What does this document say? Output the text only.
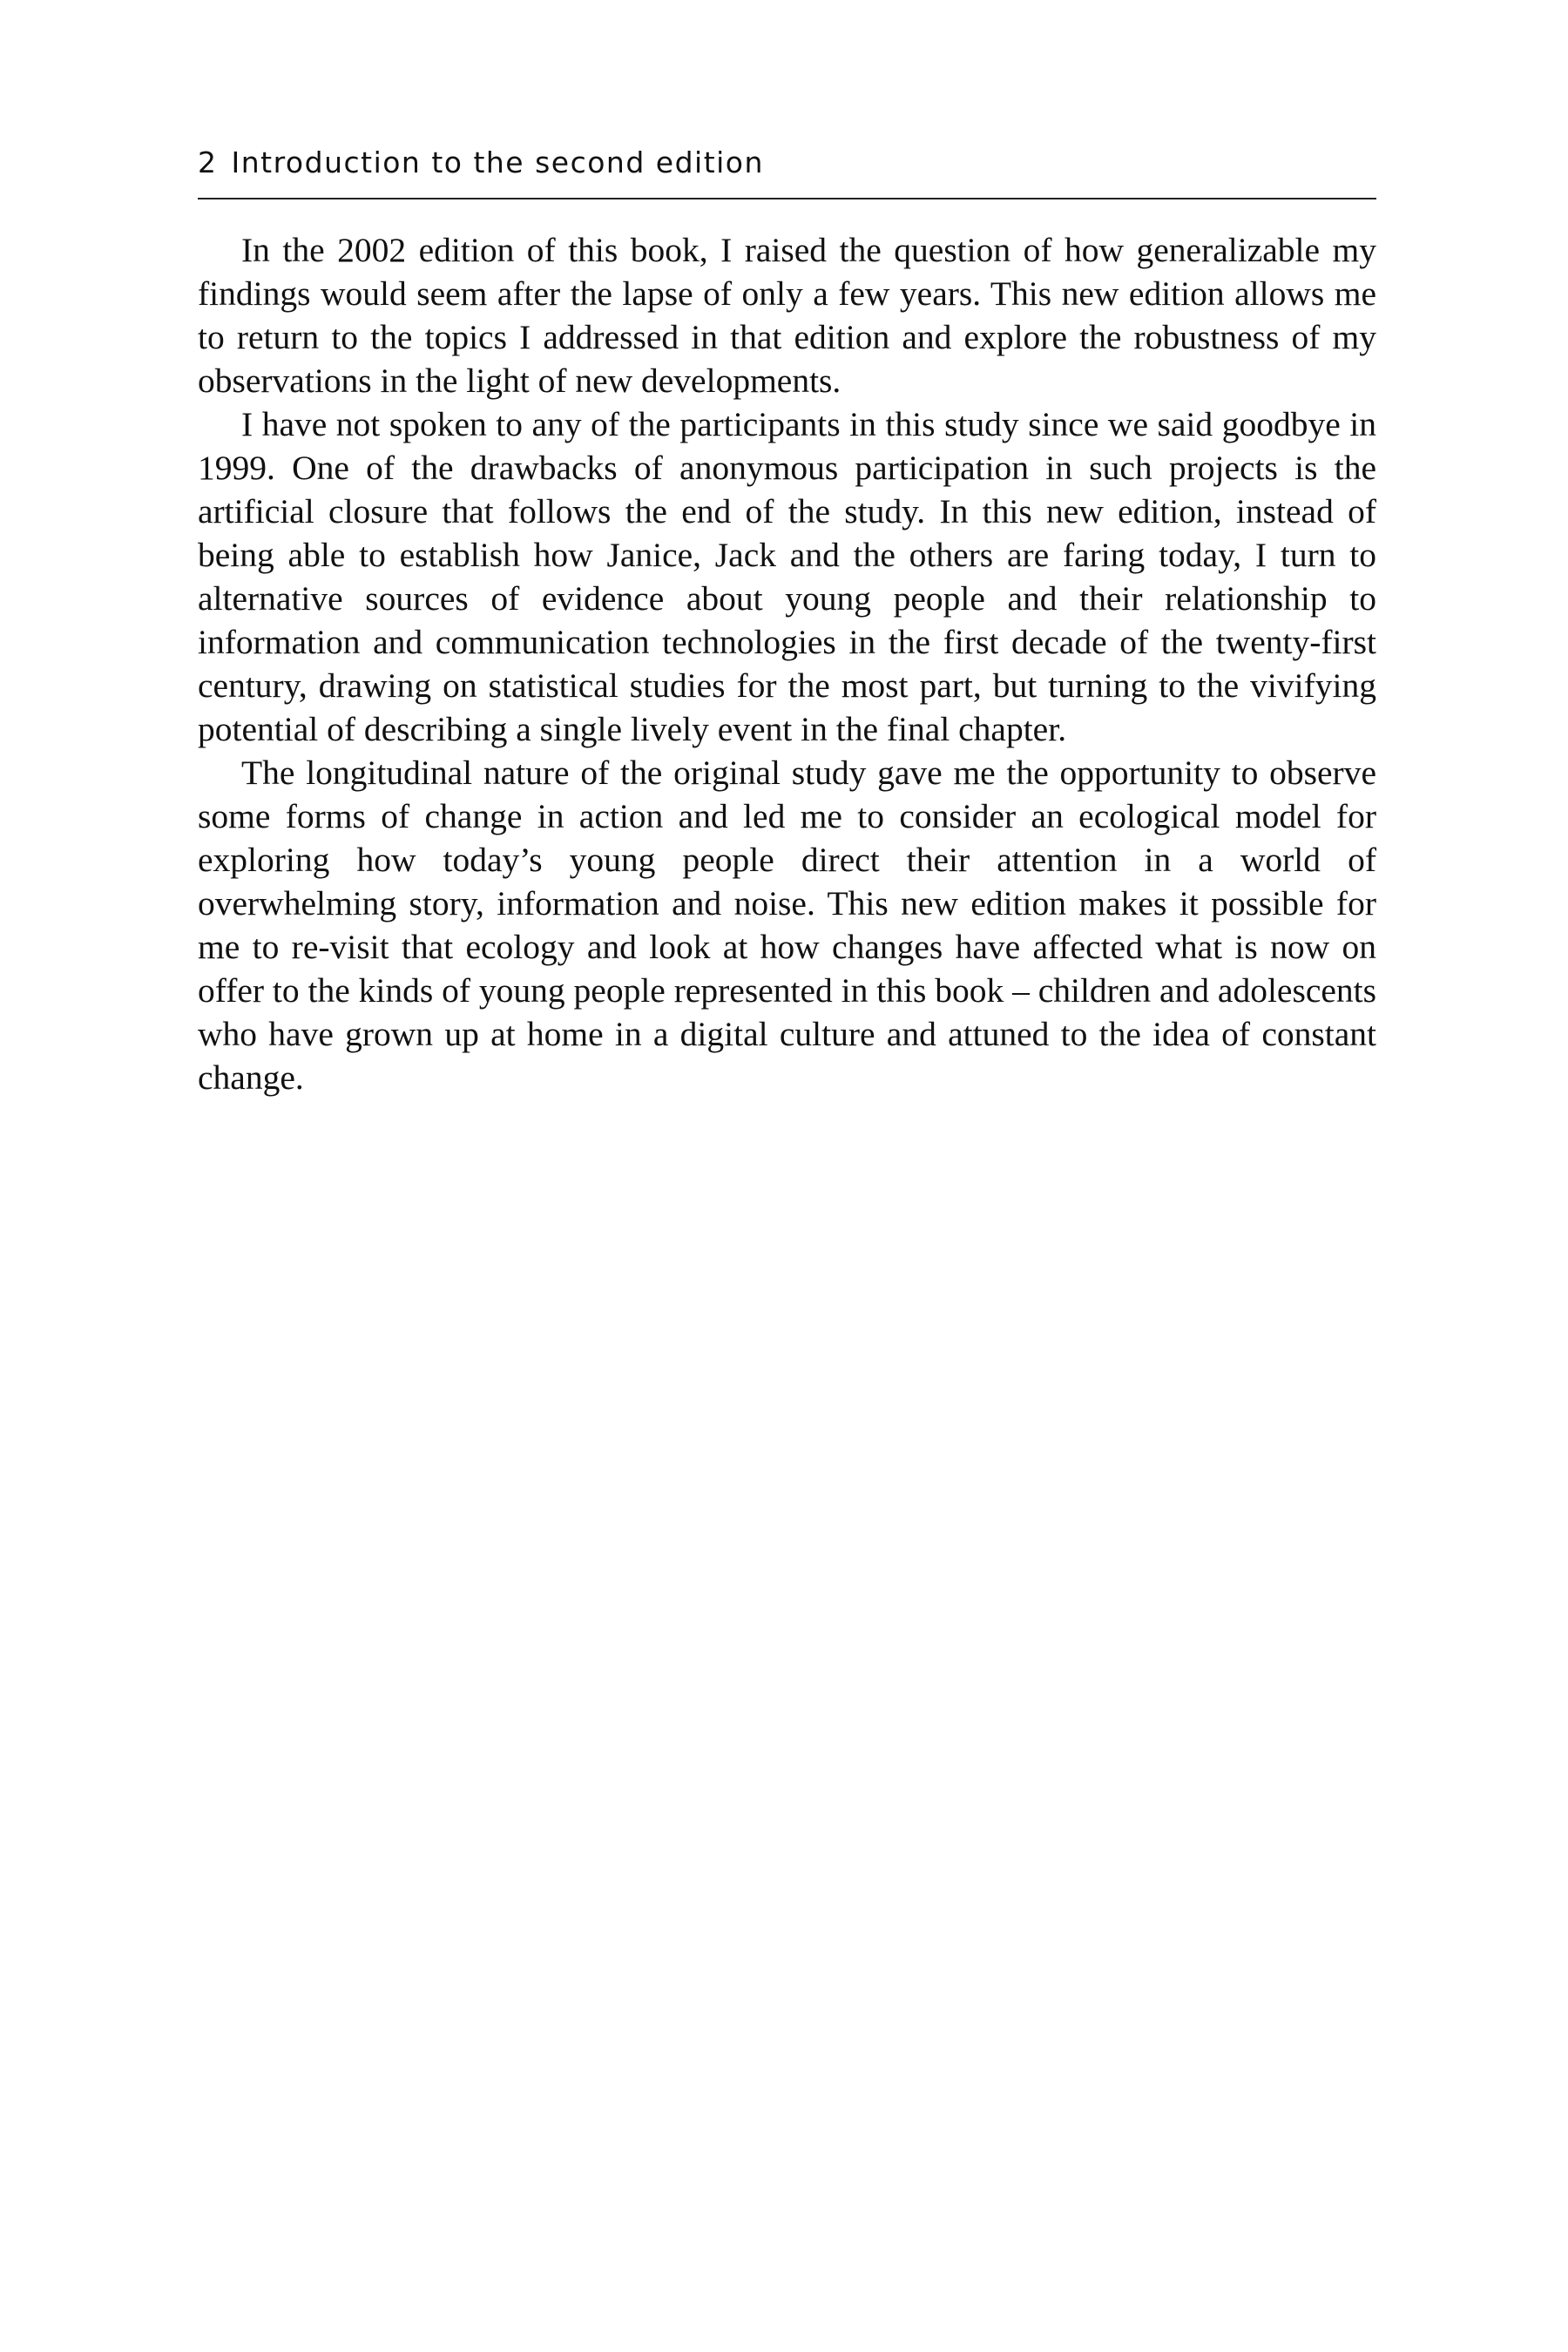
2 Introduction to the second edition

In the 2002 edition of this book, I raised the question of how generalizable my findings would seem after the lapse of only a few years. This new edition allows me to return to the topics I addressed in that edition and explore the robustness of my observations in the light of new developments.

I have not spoken to any of the participants in this study since we said goodbye in 1999. One of the drawbacks of anonymous participation in such projects is the artificial closure that follows the end of the study. In this new edition, instead of being able to establish how Janice, Jack and the others are faring today, I turn to alternative sources of evidence about young people and their relationship to information and communication technologies in the first decade of the twenty-first century, drawing on statistical studies for the most part, but turning to the vivifying potential of describing a single lively event in the final chapter.

The longitudinal nature of the original study gave me the opportunity to observe some forms of change in action and led me to consider an ecological model for exploring how today’s young people direct their attention in a world of overwhelming story, information and noise. This new edition makes it possible for me to re-visit that ecology and look at how changes have affected what is now on offer to the kinds of young people represented in this book – children and adolescents who have grown up at home in a digital culture and attuned to the idea of constant change.
